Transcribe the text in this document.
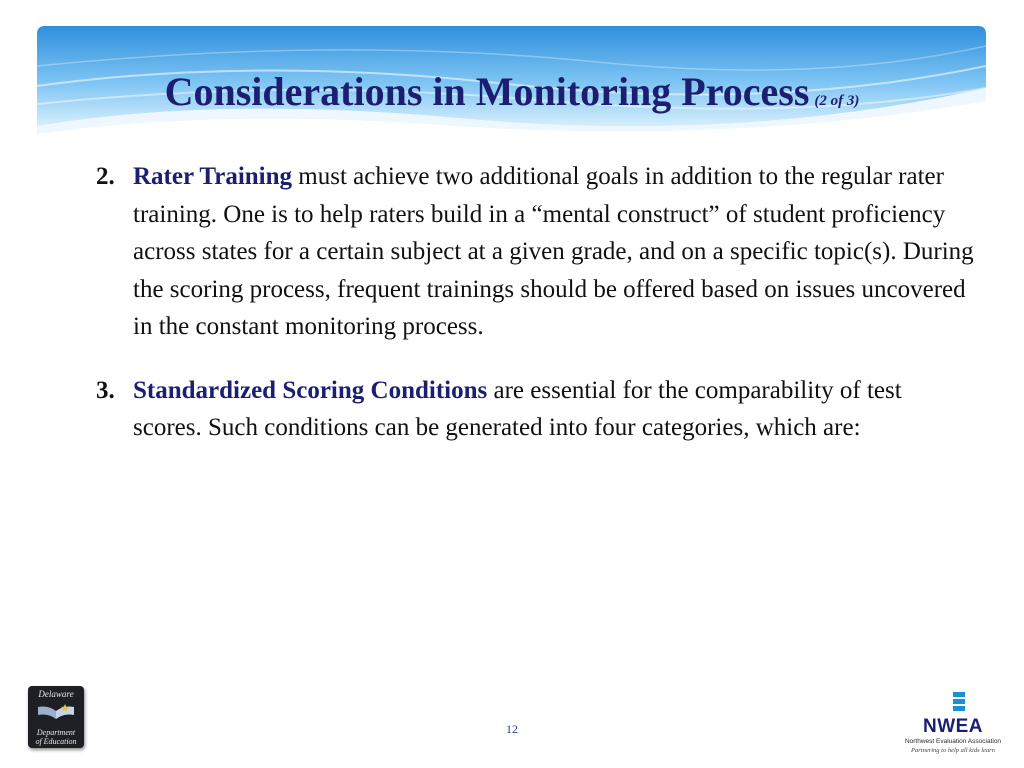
Considerations in Monitoring Process (2 of 3)
2. Rater Training must achieve two additional goals in addition to the regular rater training. One is to help raters build in a “mental construct” of student proficiency across states for a certain subject at a given grade, and on a specific topic(s). During the scoring process, frequent trainings should be offered based on issues uncovered in the constant monitoring process.
3. Standardized Scoring Conditions are essential for the comparability of test scores. Such conditions can be generated into four categories, which are:
Delaware
Department
of Education
12	NWEA
Northwest Evaluation Association
Partnering to help all kids learn
